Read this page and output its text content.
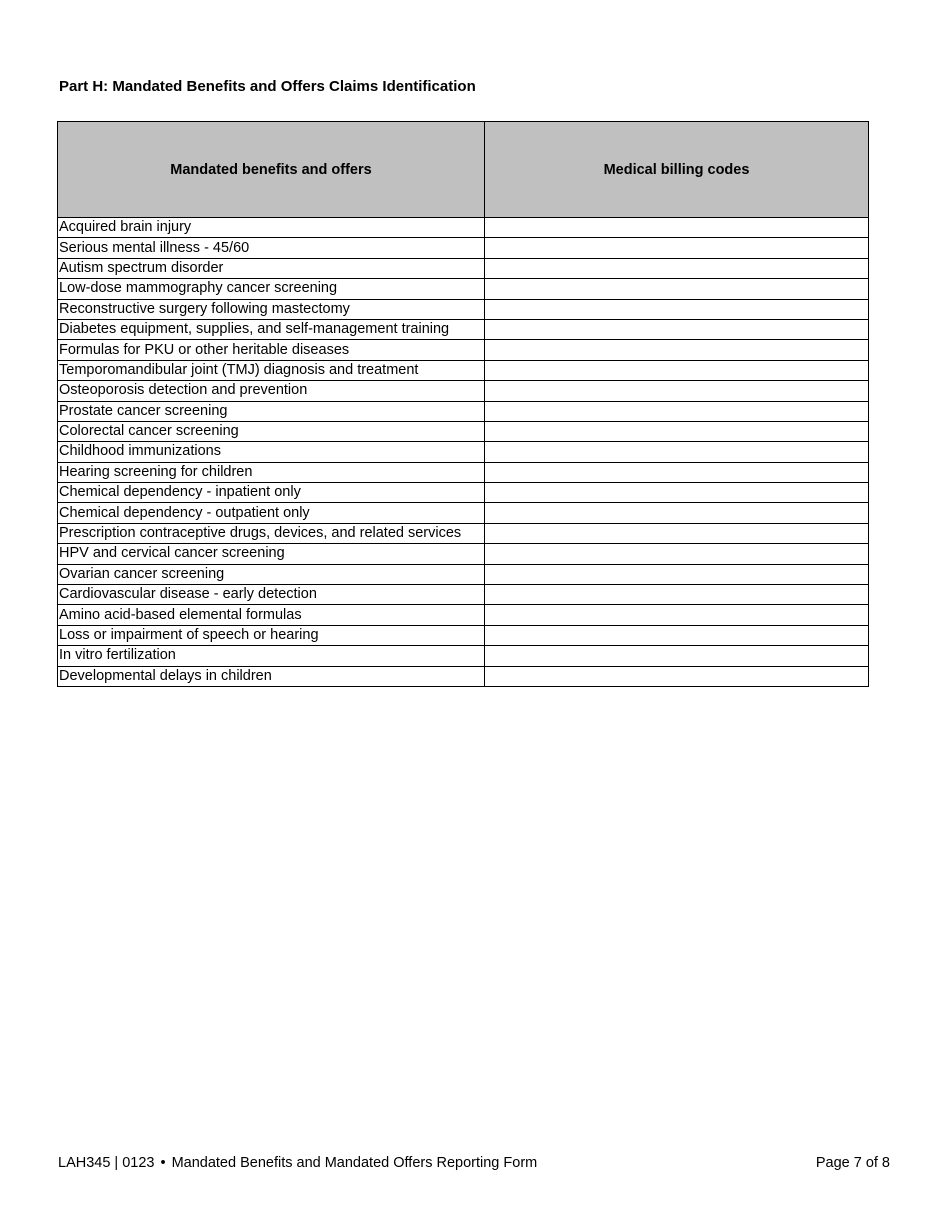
Part H: Mandated Benefits and Offers Claims Identification
Mandated benefits and offers	Medical billing codes
Acquired brain injury	
Serious mental illness - 45/60	
Autism spectrum disorder	
Low-dose mammography cancer screening	
Reconstructive surgery following mastectomy	
Diabetes equipment, supplies, and self-management training	
Formulas for PKU or other heritable diseases	
Temporomandibular joint (TMJ) diagnosis and treatment	
Osteoporosis detection and prevention	
Prostate cancer screening	
Colorectal cancer screening	
Childhood immunizations	
Hearing screening for children	
Chemical dependency - inpatient only	
Chemical dependency - outpatient only	
Prescription contraceptive drugs, devices, and related services	
HPV and cervical cancer screening	
Ovarian cancer screening	
Cardiovascular disease - early detection	
Amino acid-based elemental formulas	
Loss or impairment of speech or hearing	
In vitro fertilization	
Developmental delays in children	
LAH345 | 0123 • Mandated Benefits and Mandated Offers Reporting Form	Page 7 of 8
